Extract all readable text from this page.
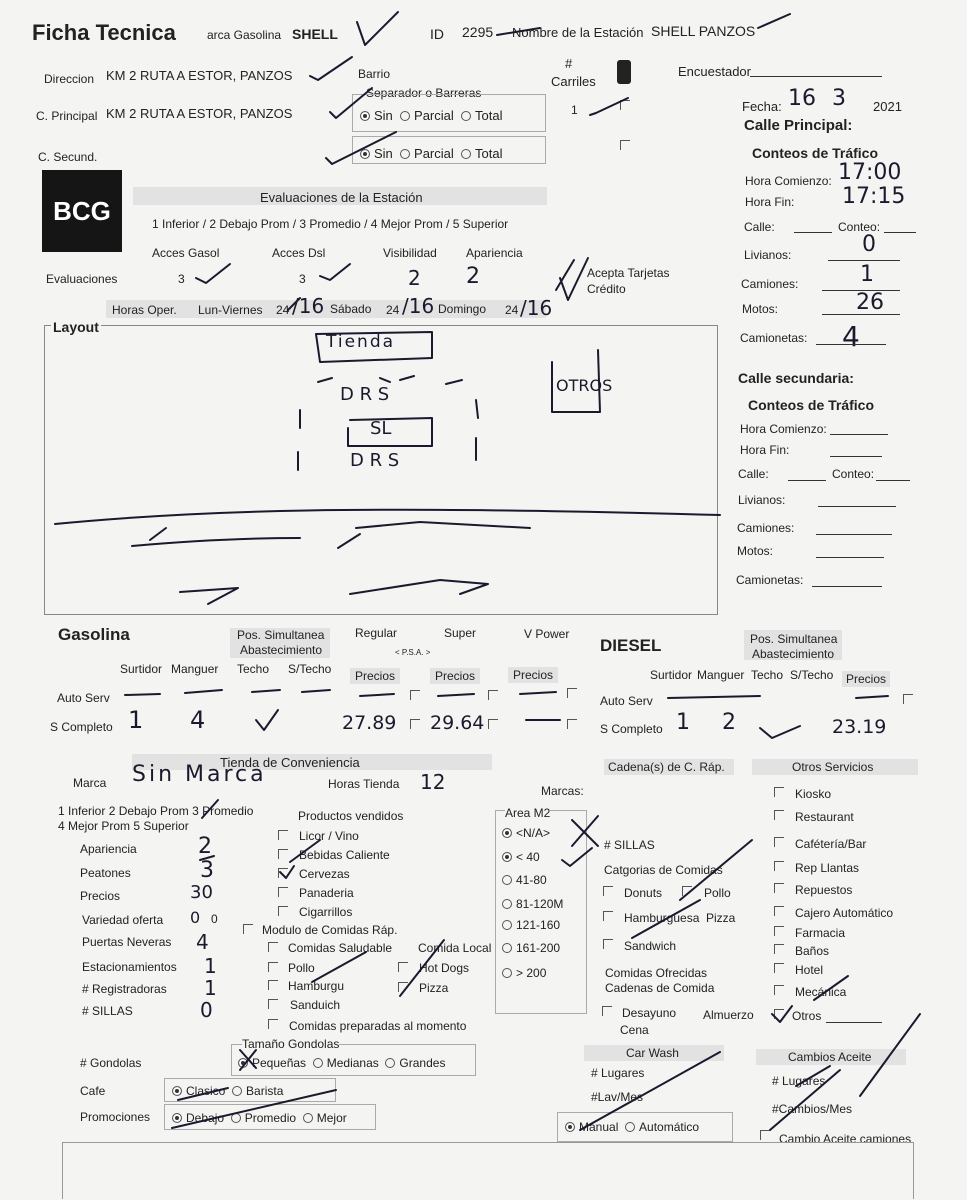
Ficha Tecnica	arca Gasolina SHELL	ID 2295 Nombre de la Estación SHELL PANZOS
Direccion KM 2 RUTA A ESTOR, PANZOS	Barrio
C. Principal KM 2 RUTA A ESTOR, PANZOS
C. Secund.
Separador o Barreras
Sin Parcial Total
Sin Parcial Total
#
Carriles
1
Encuestador
Fecha: 16 3 2021
Calle Principal:
Conteos de Tráfico
Hora Comienzo: 17:00
Hora Fin: 17:15
Calle:	Conteo:
Livianos:	0
Camiones:	1
Motos:	26
Camionetas: 4
Calle secundaria:
Conteos de Tráfico
Hora Comienzo:
Hora Fin:
Calle:	Conteo:
Livianos:
Camiones:
Motos:
Camionetas:
BCG	Evaluaciones de la Estación
1 Inferior / 2 Debajo Prom / 3 Promedio / 4 Mejor Prom / 5 Superior
Acces Gasol	Acces Dsl	Visibilidad Apariencia
Evaluaciones	3	3	2 2	Acepta Tarjetas
Crédito
Horas Oper. Lun-Viernes 24 /16 Sábado 24 /16 Domingo 24 /16
Layout
Tienda
OTROS
D R S
SL
D R S
Gasolina	Pos. Simultanea
Abastecimiento
Regular	Super	V Power
< P.S.A. >
Surtidor Manguer Techo S/Techo	Precios	Precios	Precios
Auto Serv
S Completo 1 4	27.89 29.64
DIESEL	Pos. Simultanea
Abastecimiento
Surtidor Manguer Techo S/Techo	Precios
Auto Serv
S Completo 1 2	23.19
Tienda de Conveniencia
Marca Sin Marca	Horas Tienda 12
1 Inferior 2 Debajo Prom 3 Promedio
4 Mejor Prom 5 Superior
Apariencia	2
Peatones	3
Precios	30
Variedad oferta 0 0
Puertas Neveras 4
Estacionamientos 1
# Registradoras 1
# SILLAS	0
Productos vendidos
Licor / Vino
Bebidas Caliente
Cervezas
Panaderia
Cigarrillos
Modulo de Comidas Ráp.
Comidas Saludable Comida Local
Pollo	Hot Dogs
Hamburgu	Pizza
Sanduich
Comidas preparadas al momento
# Gondolas
Tamaño Gondolas
Pequeñas Medianas Grandes
Cafe	Clasico Barista
Promociones	Debajo Promedio Mejor
Marcas:
Area M2
<N/A>
< 40
41-80
81-120M
121-160
161-200
> 200
Cadena(s) de C. Ráp.
# SILLAS
Catgorias de Comidas
Donuts	Pollo
Hamburguesa Pizza
Sandwich
Comidas Ofrecidas
Cadenas de Comida
Desayuno Almuerzo
Cena
Otros Servicios
Kiosko
Restaurant
Cafétería/Bar
Rep Llantas
Repuestos
Cajero Automático
Farmacia
Baños
Hotel
Mecánica
Otros
Car Wash
# Lugares
#Lav/Mes
Manual Automático
Cambios Aceite
# Lugares
#Cambios/Mes
Cambio Aceite camiones
